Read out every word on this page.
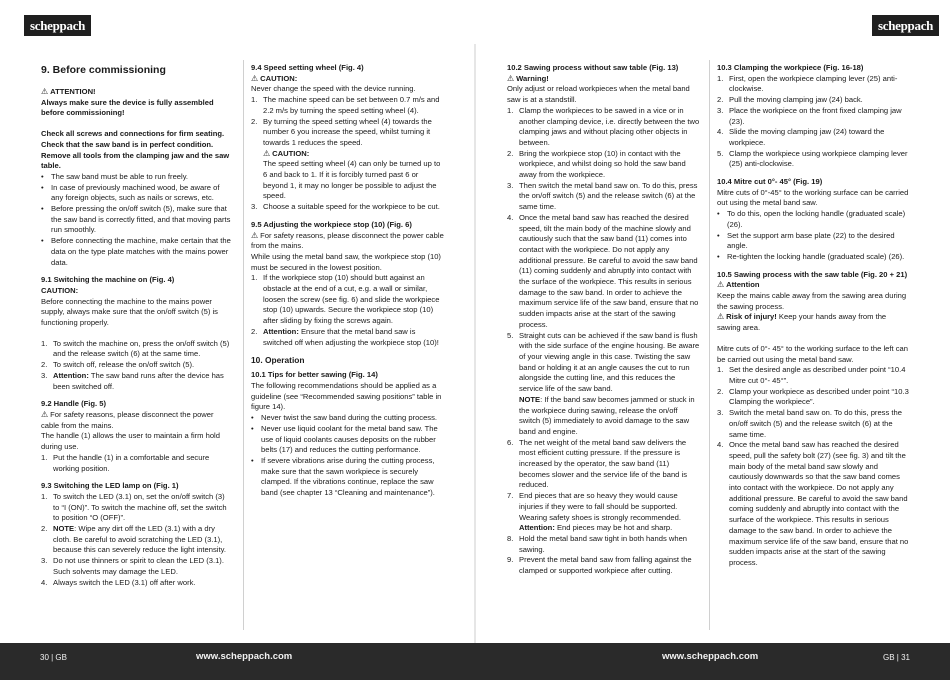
scheppach	scheppach

9. Before commissioning

⚠ ATTENTION!

Always make sure the device is fully assembled before commissioning!

Check all screws and connections for firm seating. Check that the saw band is in perfect condition. Remove all tools from the clamping jaw and the saw table.

• The saw band must be able to run freely.
• In case of previously machined wood, be aware of any foreign objects, such as nails or screws, etc.
• Before pressing the on/off switch (5), make sure that the saw band is correctly fitted, and that moving parts run smoothly.
• Before connecting the machine, make certain that the data on the type plate matches with the mains power data.

9.1 Switching the machine on (Fig. 4)

CAUTION:

Before connecting the machine to the mains power supply, always make sure that the on/off switch (5) is functioning properly.

1. To switch the machine on, press the on/off switch (5) and the release switch (6) at the same time.
2. To switch off, release the on/off switch (5).
3. Attention: The saw band runs after the device has been switched off.

9.2 Handle (Fig. 5)

⚠ For safety reasons, please disconnect the power cable from the mains.

The handle (1) allows the user to maintain a firm hold during use.

1. Put the handle (1) in a comfortable and secure working position.

9.3 Switching the LED lamp on (Fig. 1)

1. To switch the LED (3.1) on, set the on/off switch (3) to “I (ON)”. To switch the machine off, set the switch to position “O (OFF)”.
2. NOTE: Wipe any dirt off the LED (3.1) with a dry cloth. Be careful to avoid scratching the LED (3.1), because this can severely reduce the light intensity.
3. Do not use thinners or spirit to clean the LED (3.1). Such solvents may damage the LED.
4. Always switch the LED (3.1) off after work.

9.4 Speed setting wheel (Fig. 4)

⚠ CAUTION:

Never change the speed with the device running.

1. The machine speed can be set between 0.7 m/s and 2.2 m/s by turning the speed setting wheel (4).
2. By turning the speed setting wheel (4) towards the number 6 you increase the speed, whilst turning it towards 1 reduces the speed.
⚠ CAUTION:
The speed setting wheel (4) can only be turned up to 6 and back to 1. If it is forcibly turned past 6 or beyond 1, it may no longer be possible to adjust the speed.
3. Choose a suitable speed for the workpiece to be cut.

9.5 Adjusting the workpiece stop (10) (Fig. 6)

⚠ For safety reasons, please disconnect the power cable from the mains.

While using the metal band saw, the workpiece stop (10) must be secured in the lowest position.

1. If the workpiece stop (10) should butt against an obstacle at the end of a cut, e.g. a wall or similar, loosen the screw (see fig. 6) and slide the workpiece stop (10) upwards. Secure the workpiece stop (10) after sliding by fixing the screws again.
2. Attention: Ensure that the metal band saw is switched off when adjusting the workpiece stop (10)!

10. Operation

10.1 Tips for better sawing (Fig. 14)

The following recommendations should be applied as a guideline (see “Recommended sawing positions” table in figure 14).

• Never twist the saw band during the cutting process.
• Never use liquid coolant for the metal band saw. The use of liquid coolants causes deposits on the rubber belts (17) and reduces the cutting performance.
• If severe vibrations arise during the cutting process, make sure that the sawn workpiece is securely clamped. If the vibrations continue, replace the saw band (see chapter 13 “Cleaning and maintenance”).

10.2 Sawing process without saw table (Fig. 13)

⚠ Warning!

Only adjust or reload workpieces when the metal band saw is at a standstill.

1. Clamp the workpieces to be sawed in a vice or in another clamping device, i.e. directly between the two clamping jaws and without placing other objects in between.
2. Bring the workpiece stop (10) in contact with the workpiece, and whilst doing so hold the saw band away from the workpiece.
3. Then switch the metal band saw on. To do this, press the on/off switch (5) and the release switch (6) at the same time.
4. Once the metal band saw has reached the desired speed, tilt the main body of the machine slowly and cautiously such that the saw band (11) comes into contact with the workpiece. Do not apply any additional pressure. Be careful to avoid the saw band (11) coming suddenly and abruptly into contact with the surface of the workpiece. This results in serious damage to the saw band. In order to achieve the maximum service life of the saw band, ensure that no sudden impacts arise at the start of the sawing process.
5. Straight cuts can be achieved if the saw band is flush with the side surface of the engine housing. Be aware of your viewing angle in this case. Twisting the saw band or holding it at an angle causes the cut to run alongside the cutting line, and this reduces the service life of the saw band.
NOTE: If the band saw becomes jammed or stuck in the workpiece during sawing, release the on/off switch (5) immediately to avoid damage to the saw band and engine.
6. The net weight of the metal band saw delivers the most efficient cutting pressure. If the pressure is increased by the operator, the saw band (11) becomes slower and the service life of the band is reduced.
7. End pieces that are so heavy they would cause injuries if they were to fall should be supported. Wearing safety shoes is strongly recommended.
Attention: End pieces may be hot and sharp.
8. Hold the metal band saw tight in both hands when sawing.
9. Prevent the metal band saw from falling against the clamped or supported workpiece after cutting.

10.3 Clamping the workpiece (Fig. 16-18)

1. First, open the workpiece clamping lever (25) anti-clockwise.
2. Pull the moving clamping jaw (24) back.
3. Place the workpiece on the front fixed clamping jaw (23).
4. Slide the moving clamping jaw (24) toward the workpiece.
5. Clamp the workpiece using workpiece clamping lever (25) anti-clockwise.

10.4 Mitre cut 0°- 45° (Fig. 19)

Mitre cuts of 0°-45° to the working surface can be carried out using the metal band saw.

• To do this, open the locking handle (graduated scale) (26).
• Set the support arm base plate (22) to the desired angle.
• Re-tighten the locking handle (graduated scale) (26).

10.5 Sawing process with the saw table (Fig. 20 + 21)

⚠ Attention

Keep the mains cable away from the sawing area during the sawing process.

⚠ Risk of injury! Keep your hands away from the sawing area.

Mitre cuts of 0°- 45° to the working surface to the left can be carried out using the metal band saw.

1. Set the desired angle as described under point “10.4 Mitre cut 0°- 45°”.
2. Clamp your workpiece as described under point “10.3 Clamping the workpiece”.
3. Switch the metal band saw on. To do this, press the on/off switch (5) and the release switch (6) at the same time.
4. Once the metal band saw has reached the desired speed, pull the safety bolt (27) (see fig. 3) and tilt the main body of the metal band saw slowly and cautiously downwards so that the saw band comes into contact with the workpiece. Do not apply any additional pressure. Be careful to avoid the saw band coming suddenly and abruptly into contact with the surface of the workpiece. This results in serious damage to the saw band. In order to achieve the maximum service life of the saw band, ensure that no sudden impacts arise at the start of the sawing process.
30 | GB	www.scheppach.com	www.scheppach.com	GB | 31
